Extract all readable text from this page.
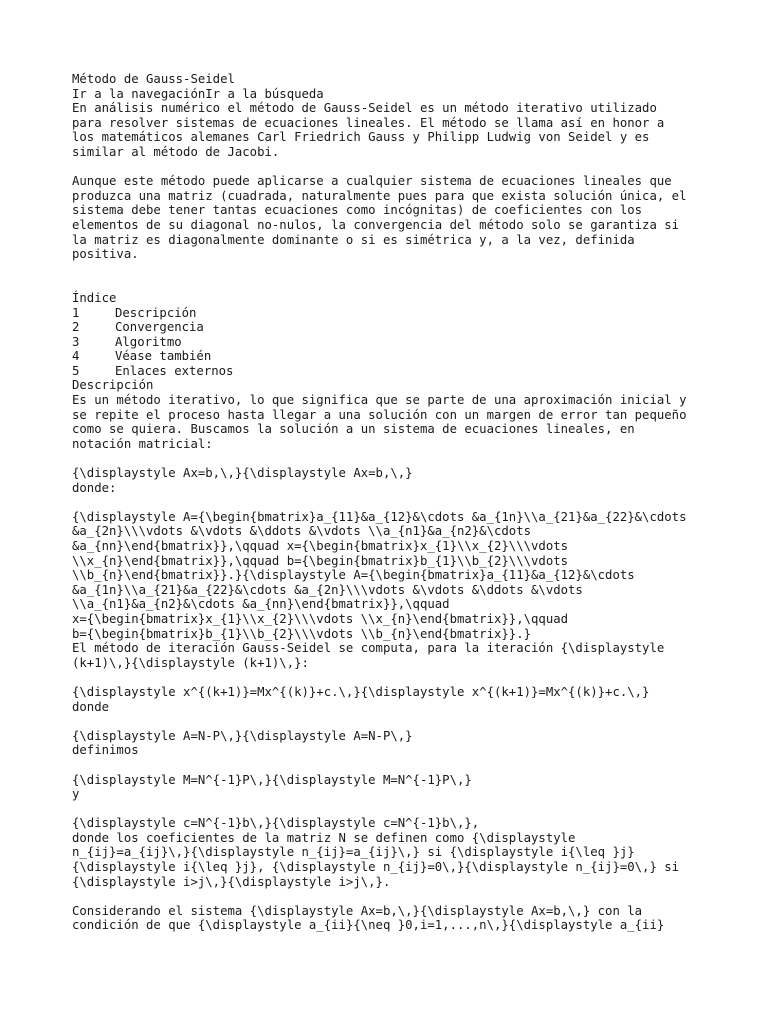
Método de Gauss-Seidel
Ir a la navegaciónIr a la búsqueda
En análisis numérico el método de Gauss-Seidel es un método iterativo utilizado
para resolver sistemas de ecuaciones lineales. El método se llama así en honor a
los matemáticos alemanes Carl Friedrich Gauss y Philipp Ludwig von Seidel y es
similar al método de Jacobi.
Aunque este método puede aplicarse a cualquier sistema de ecuaciones lineales que
produzca una matriz (cuadrada, naturalmente pues para que exista solución única, el
sistema debe tener tantas ecuaciones como incógnitas) de coeficientes con los
elementos de su diagonal no-nulos, la convergencia del método solo se garantiza si
la matriz es diagonalmente dominante o si es simétrica y, a la vez, definida
positiva.
Índice
1	Descripción
2	Convergencia
3	Algoritmo
4	Véase también
5	Enlaces externos
Descripción
Es un método iterativo, lo que significa que se parte de una aproximación inicial y
se repite el proceso hasta llegar a una solución con un margen de error tan pequeño
como se quiera. Buscamos la solución a un sistema de ecuaciones lineales, en
notación matricial:
{\displaystyle Ax=b,\,}{\displaystyle Ax=b,\,}
donde:
{\displaystyle A={\begin{bmatrix}a_{11}&a_{12}&\cdots &a_{1n}\\a_{21}&a_{22}&\cdots
&a_{2n}\\\vdots &\vdots &\ddots &\vdots \\a_{n1}&a_{n2}&\cdots
&a_{nn}\end{bmatrix}},\qquad x={\begin{bmatrix}x_{1}\\x_{2}\\\vdots
\\x_{n}\end{bmatrix}},\qquad b={\begin{bmatrix}b_{1}\\b_{2}\\\vdots
\\b_{n}\end{bmatrix}}.}{\displaystyle A={\begin{bmatrix}a_{11}&a_{12}&\cdots
&a_{1n}\\a_{21}&a_{22}&\cdots &a_{2n}\\\vdots &\vdots &\ddots &\vdots
\\a_{n1}&a_{n2}&\cdots &a_{nn}\end{bmatrix}},\qquad
x={\begin{bmatrix}x_{1}\\x_{2}\\\vdots \\x_{n}\end{bmatrix}},\qquad
b={\begin{bmatrix}b_{1}\\b_{2}\\\vdots \\b_{n}\end{bmatrix}}.}
El método de iteración Gauss-Seidel se computa, para la iteración {\displaystyle
(k+1)\,}{\displaystyle (k+1)\,}:
{\displaystyle x^{(k+1)}=Mx^{(k)}+c.\,}{\displaystyle x^{(k+1)}=Mx^{(k)}+c.\,}
donde
{\displaystyle A=N-P\,}{\displaystyle A=N-P\,}
definimos
{\displaystyle M=N^{-1}P\,}{\displaystyle M=N^{-1}P\,}
y
{\displaystyle c=N^{-1}b\,}{\displaystyle c=N^{-1}b\,},
donde los coeficientes de la matriz N se definen como {\displaystyle
n_{ij}=a_{ij}\,}{\displaystyle n_{ij}=a_{ij}\,} si {\displaystyle i{\leq }j}
{\displaystyle i{\leq }j}, {\displaystyle n_{ij}=0\,}{\displaystyle n_{ij}=0\,} si
{\displaystyle i>j\,}{\displaystyle i>j\,}.
Considerando el sistema {\displaystyle Ax=b,\,}{\displaystyle Ax=b,\,} con la
condición de que {\displaystyle a_{ii}{\neq }0,i=1,...,n\,}{\displaystyle a_{ii}
